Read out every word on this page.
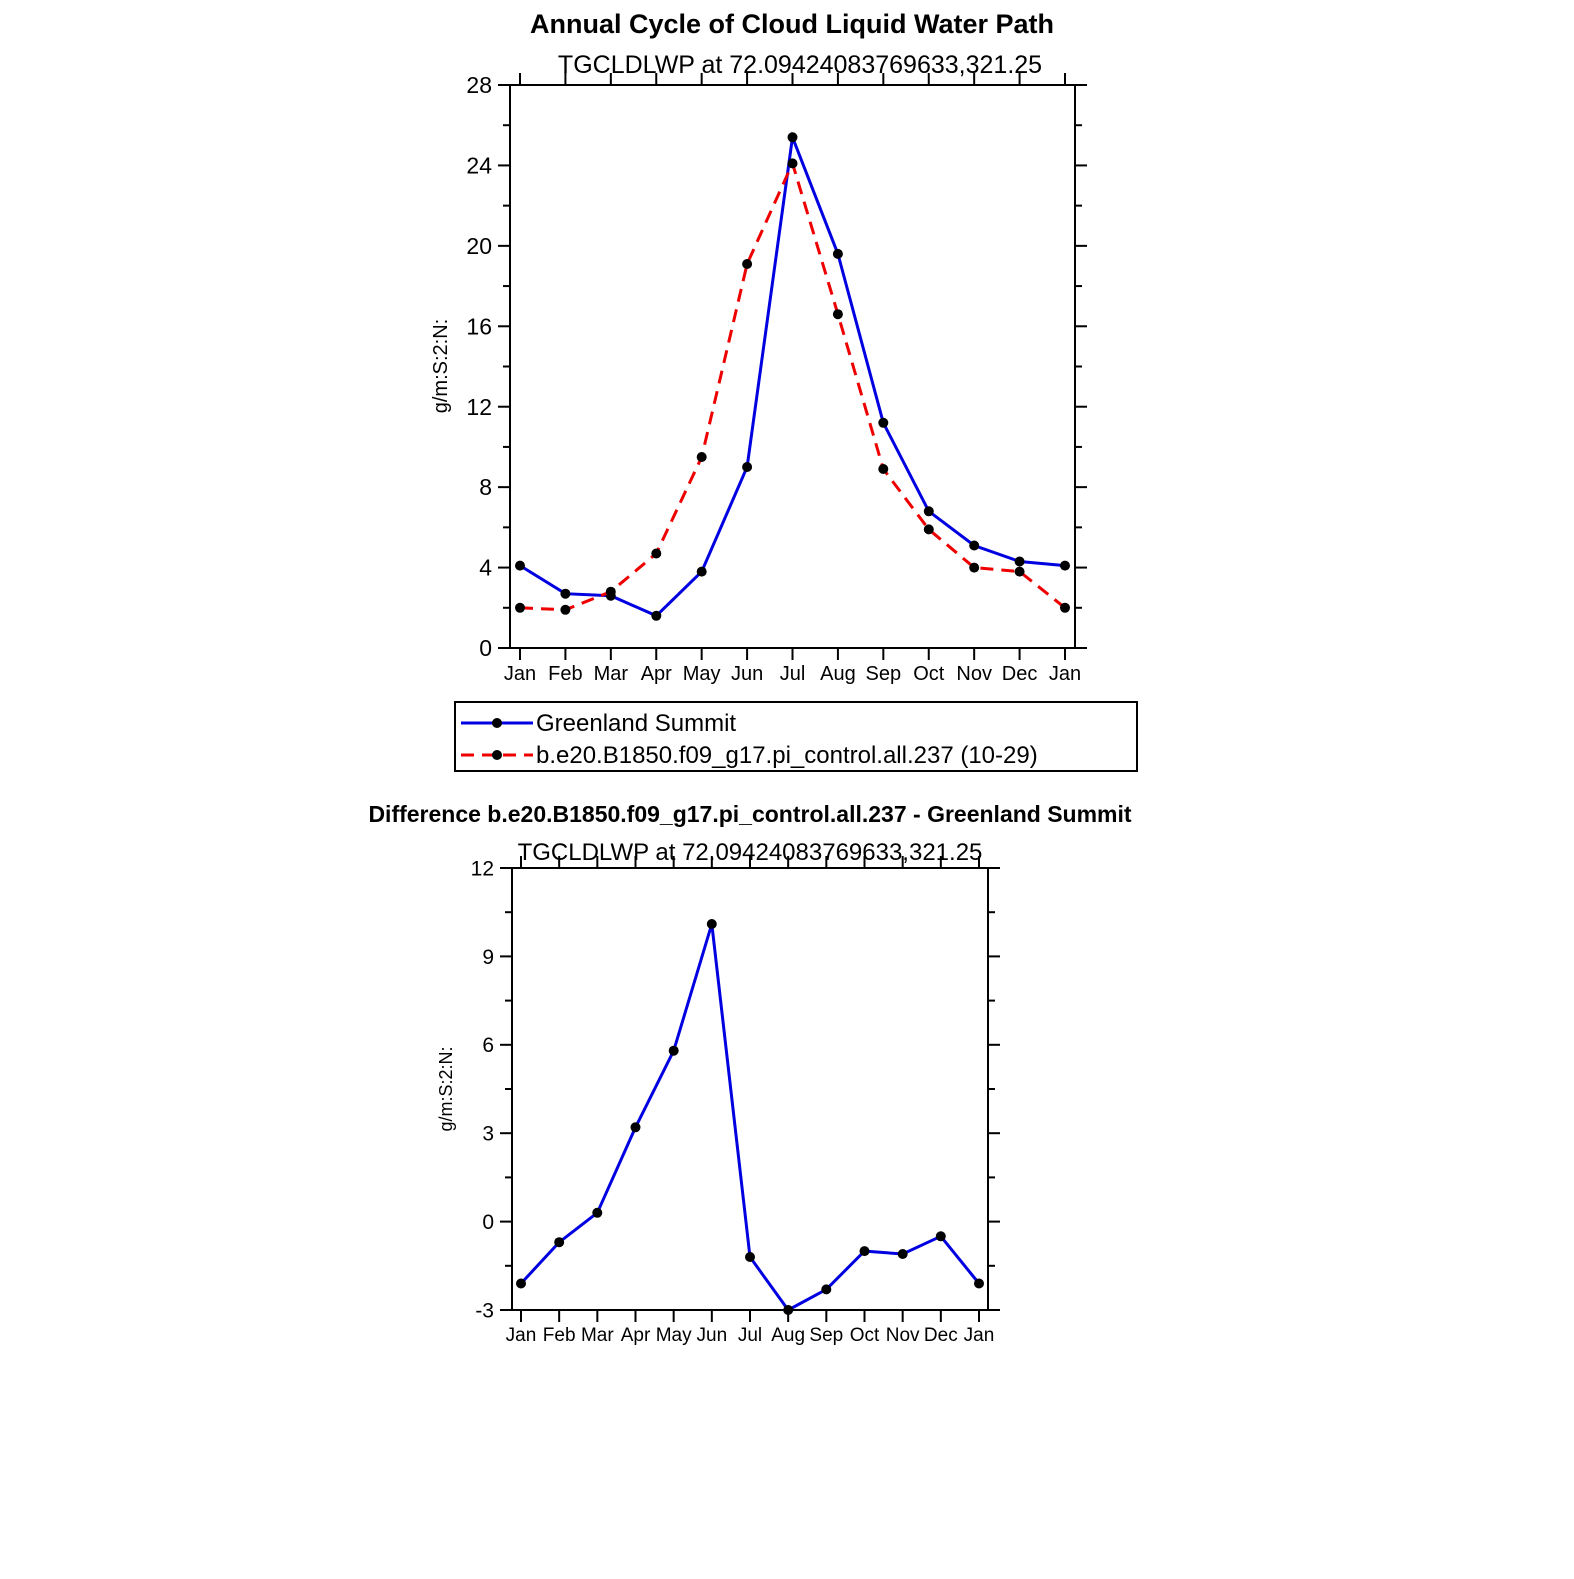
Annual Cycle of Cloud Liquid Water Path
TGCLDLWP at 72.09424083769633,321.25
g/m:S:2:N:
0
4
8
12
16
20
24
28
Jan Feb Mar Apr May Jun Jul Aug Sep Oct Nov Dec Jan
Greenland Summit
b.e20.B1850.f09_g17.pi_control.all.237 (10-29)
Difference b.e20.B1850.f09_g17.pi_control.all.237 - Greenland Summit
TGCLDLWP at 72.09424083769633,321.25
g/m:S:2:N:
-3
0
3
6
9
12
Jan Feb Mar Apr May Jun Jul Aug Sep Oct Nov Dec Jan
